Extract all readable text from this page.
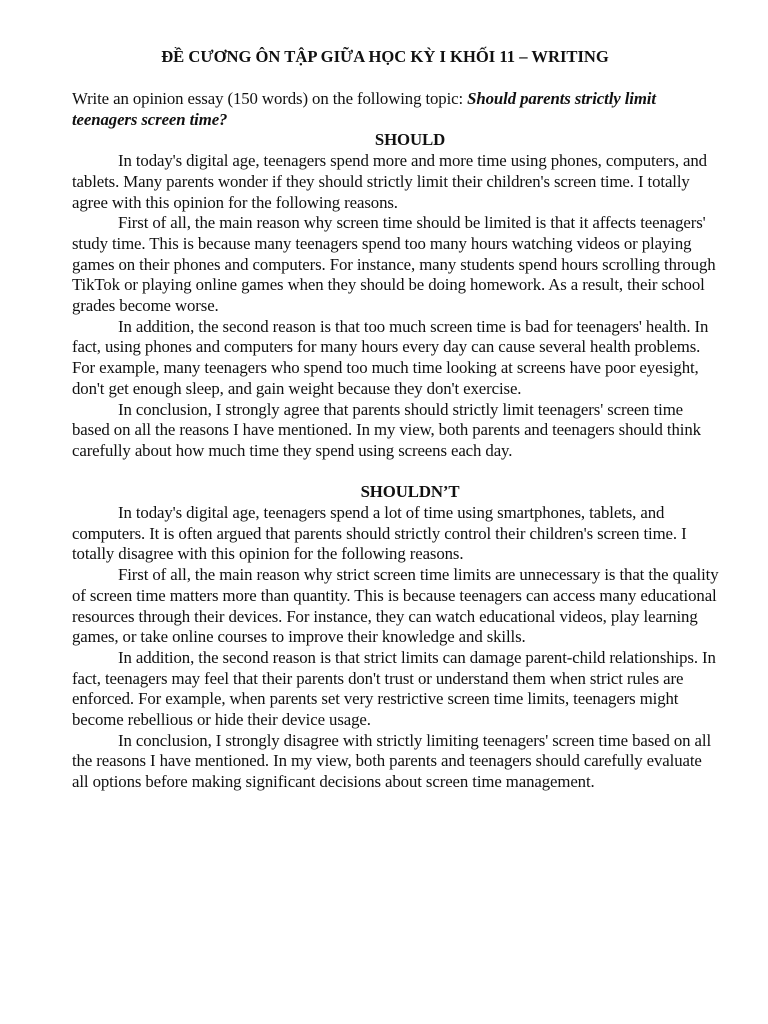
ĐỀ CƯƠNG ÔN TẬP GIỮA HỌC KỲ I KHỐI 11 – WRITING

Write an opinion essay (150 words) on the following topic: Should parents strictly limit teenagers screen time?

SHOULD

In today's digital age, teenagers spend more and more time using phones, computers, and tablets. Many parents wonder if they should strictly limit their children's screen time. I totally agree with this opinion for the following reasons.

First of all, the main reason why screen time should be limited is that it affects teenagers' study time. This is because many teenagers spend too many hours watching videos or playing games on their phones and computers. For instance, many students spend hours scrolling through TikTok or playing online games when they should be doing homework. As a result, their school grades become worse.

In addition, the second reason is that too much screen time is bad for teenagers' health. In fact, using phones and computers for many hours every day can cause several health problems. For example, many teenagers who spend too much time looking at screens have poor eyesight, don't get enough sleep, and gain weight because they don't exercise.

In conclusion, I strongly agree that parents should strictly limit teenagers' screen time based on all the reasons I have mentioned. In my view, both parents and teenagers should think carefully about how much time they spend using screens each day.

SHOULDN’T

In today's digital age, teenagers spend a lot of time using smartphones, tablets, and computers. It is often argued that parents should strictly control their children's screen time. I totally disagree with this opinion for the following reasons.

First of all, the main reason why strict screen time limits are unnecessary is that the quality of screen time matters more than quantity. This is because teenagers can access many educational resources through their devices. For instance, they can watch educational videos, play learning games, or take online courses to improve their knowledge and skills.

In addition, the second reason is that strict limits can damage parent-child relationships. In fact, teenagers may feel that their parents don't trust or understand them when strict rules are enforced. For example, when parents set very restrictive screen time limits, teenagers might become rebellious or hide their device usage.

In conclusion, I strongly disagree with strictly limiting teenagers' screen time based on all the reasons I have mentioned. In my view, both parents and teenagers should carefully evaluate all options before making significant decisions about screen time management.
